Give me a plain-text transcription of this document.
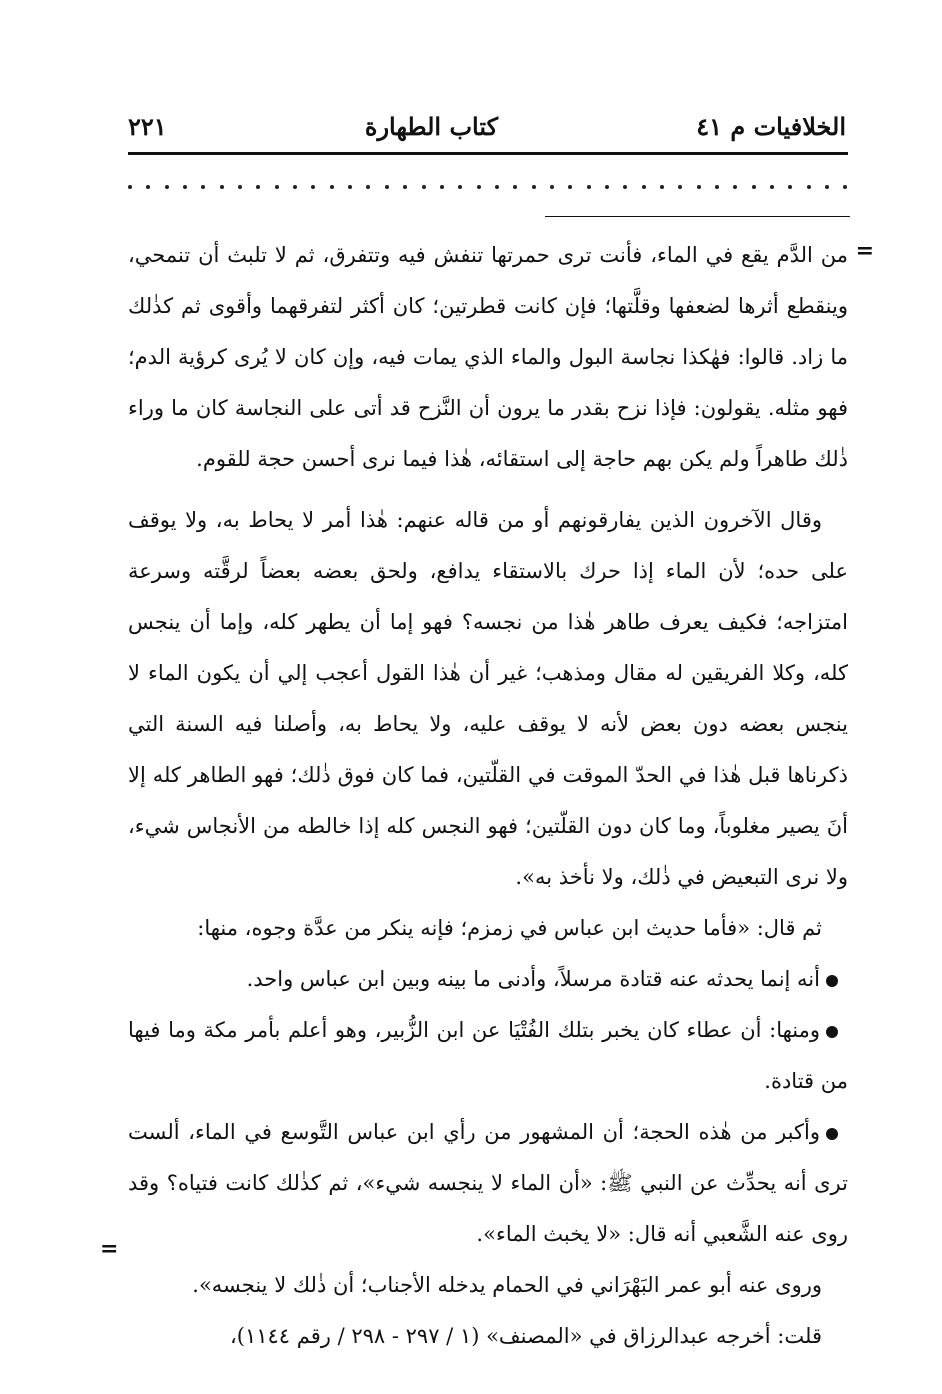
الخلافيات م ٤١
كتاب الطهارة
٢٢١
=
=

من الدَّم يقع في الماء، فأنت ترى حمرتها تنفش فيه وتتفرق، ثم لا تلبث أن تنمحي، وينقطع أثرها لضعفها وقلَّتها؛ فإن كانت قطرتين؛ كان أكثر لتفرقهما وأقوى ثم كذٰلك ما زاد. قالوا: فهٰكذا نجاسة البول والماء الذي يمات فيه، وإن كان لا يُرى كرؤية الدم؛ فهو مثله. يقولون: فإذا نزح بقدر ما يرون أن النَّزح قد أتى على النجاسة كان ما وراء ذٰلك طاهراً ولم يكن بهم حاجة إلى استقائه، هٰذا فيما نرى أحسن حجة للقوم.

وقال الآخرون الذين يفارقونهم أو من قاله عنهم: هٰذا أمر لا يحاط به، ولا يوقف على حده؛ لأن الماء إذا حرك بالاستقاء يدافع، ولحق بعضه بعضاً لرقَّته وسرعة امتزاجه؛ فكيف يعرف طاهر هٰذا من نجسه؟ فهو إما أن يطهر كله، وإما أن ينجس كله، وكلا الفريقين له مقال ومذهب؛ غير أن هٰذا القول أعجب إلي أن يكون الماء لا ينجس بعضه دون بعض لأنه لا يوقف عليه، ولا يحاط به، وأصلنا فيه السنة التي ذكرناها قبل هٰذا في الحدّ الموقت في القلّتين، فما كان فوق ذٰلك؛ فهو الطاهر كله إلا أنَ يصير مغلوباً، وما كان دون القلّتين؛ فهو النجس كله إذا خالطه من الأنجاس شيء، ولا نرى التبعيض في ذٰلك، ولا نأخذ به».

ثم قال: «فأما حديث ابن عباس في زمزم؛ فإنه ينكر من عدَّة وجوه، منها:

أنه إنما يحدثه عنه قتادة مرسلاً، وأدنى ما بينه وبين ابن عباس واحد.

ومنها: أن عطاء كان يخبر بتلك الفُتْيَا عن ابن الزُّبير، وهو أعلم بأمر مكة وما فيها من قتادة.

وأكبر من هٰذه الحجة؛ أن المشهور من رأي ابن عباس التَّوسع في الماء، ألست ترى أنه يحدِّث عن النبي ﷺ: «أن الماء لا ينجسه شيء»، ثم كذٰلك كانت فتياه؟ وقد روى عنه الشَّعبي أنه قال: «لا يخبث الماء».

وروى عنه أبو عمر البَهْرَاني في الحمام يدخله الأجناب؛ أن ذٰلك لا ينجسه».

قلت: أخرجه عبدالرزاق في «المصنف» (١ / ٢٩٧ - ٢٩٨ / رقم ١١٤٤)،
